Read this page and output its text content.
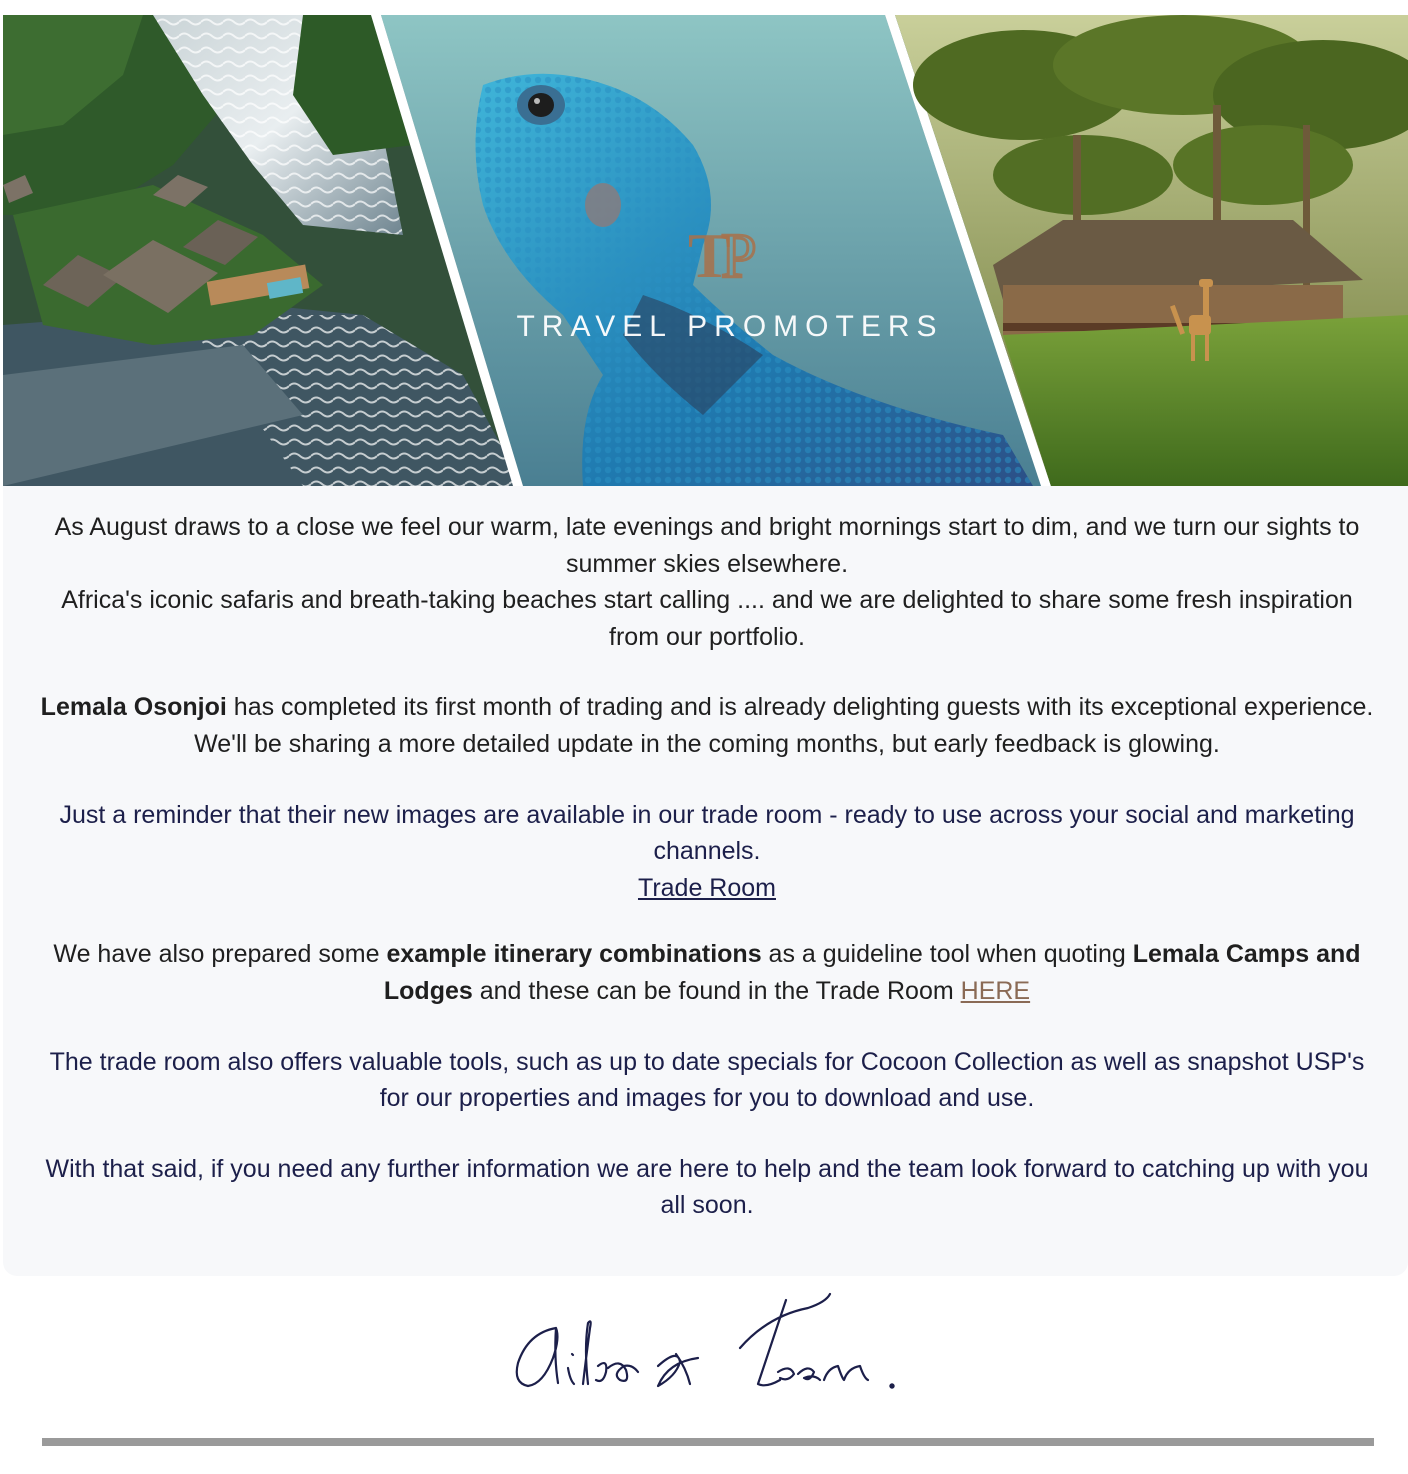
T
P
TRAVEL PROMOTERS

As August draws to a close we feel our warm, late evenings and bright mornings start to dim, and we turn our sights to summer skies elsewhere.

Africa's iconic safaris and breath-taking beaches start calling .... and we are delighted to share some fresh inspiration from our portfolio.

Lemala Osonjoi has completed its first month of trading and is already delighting guests with its exceptional experience. We'll be sharing a more detailed update in the coming months, but early feedback is glowing.

Just a reminder that their new images are available in our trade room - ready to use across your social and marketing channels.

Trade Room

We have also prepared some example itinerary combinations as a guideline tool when quoting Lemala Camps and Lodges and these can be found in the Trade Room HERE

The trade room also offers valuable tools, such as up to date specials for Cocoon Collection as well as snapshot USP's for our properties and images for you to download and use.

With that said, if you need any further information we are here to help and the team look forward to catching up with you all soon.
